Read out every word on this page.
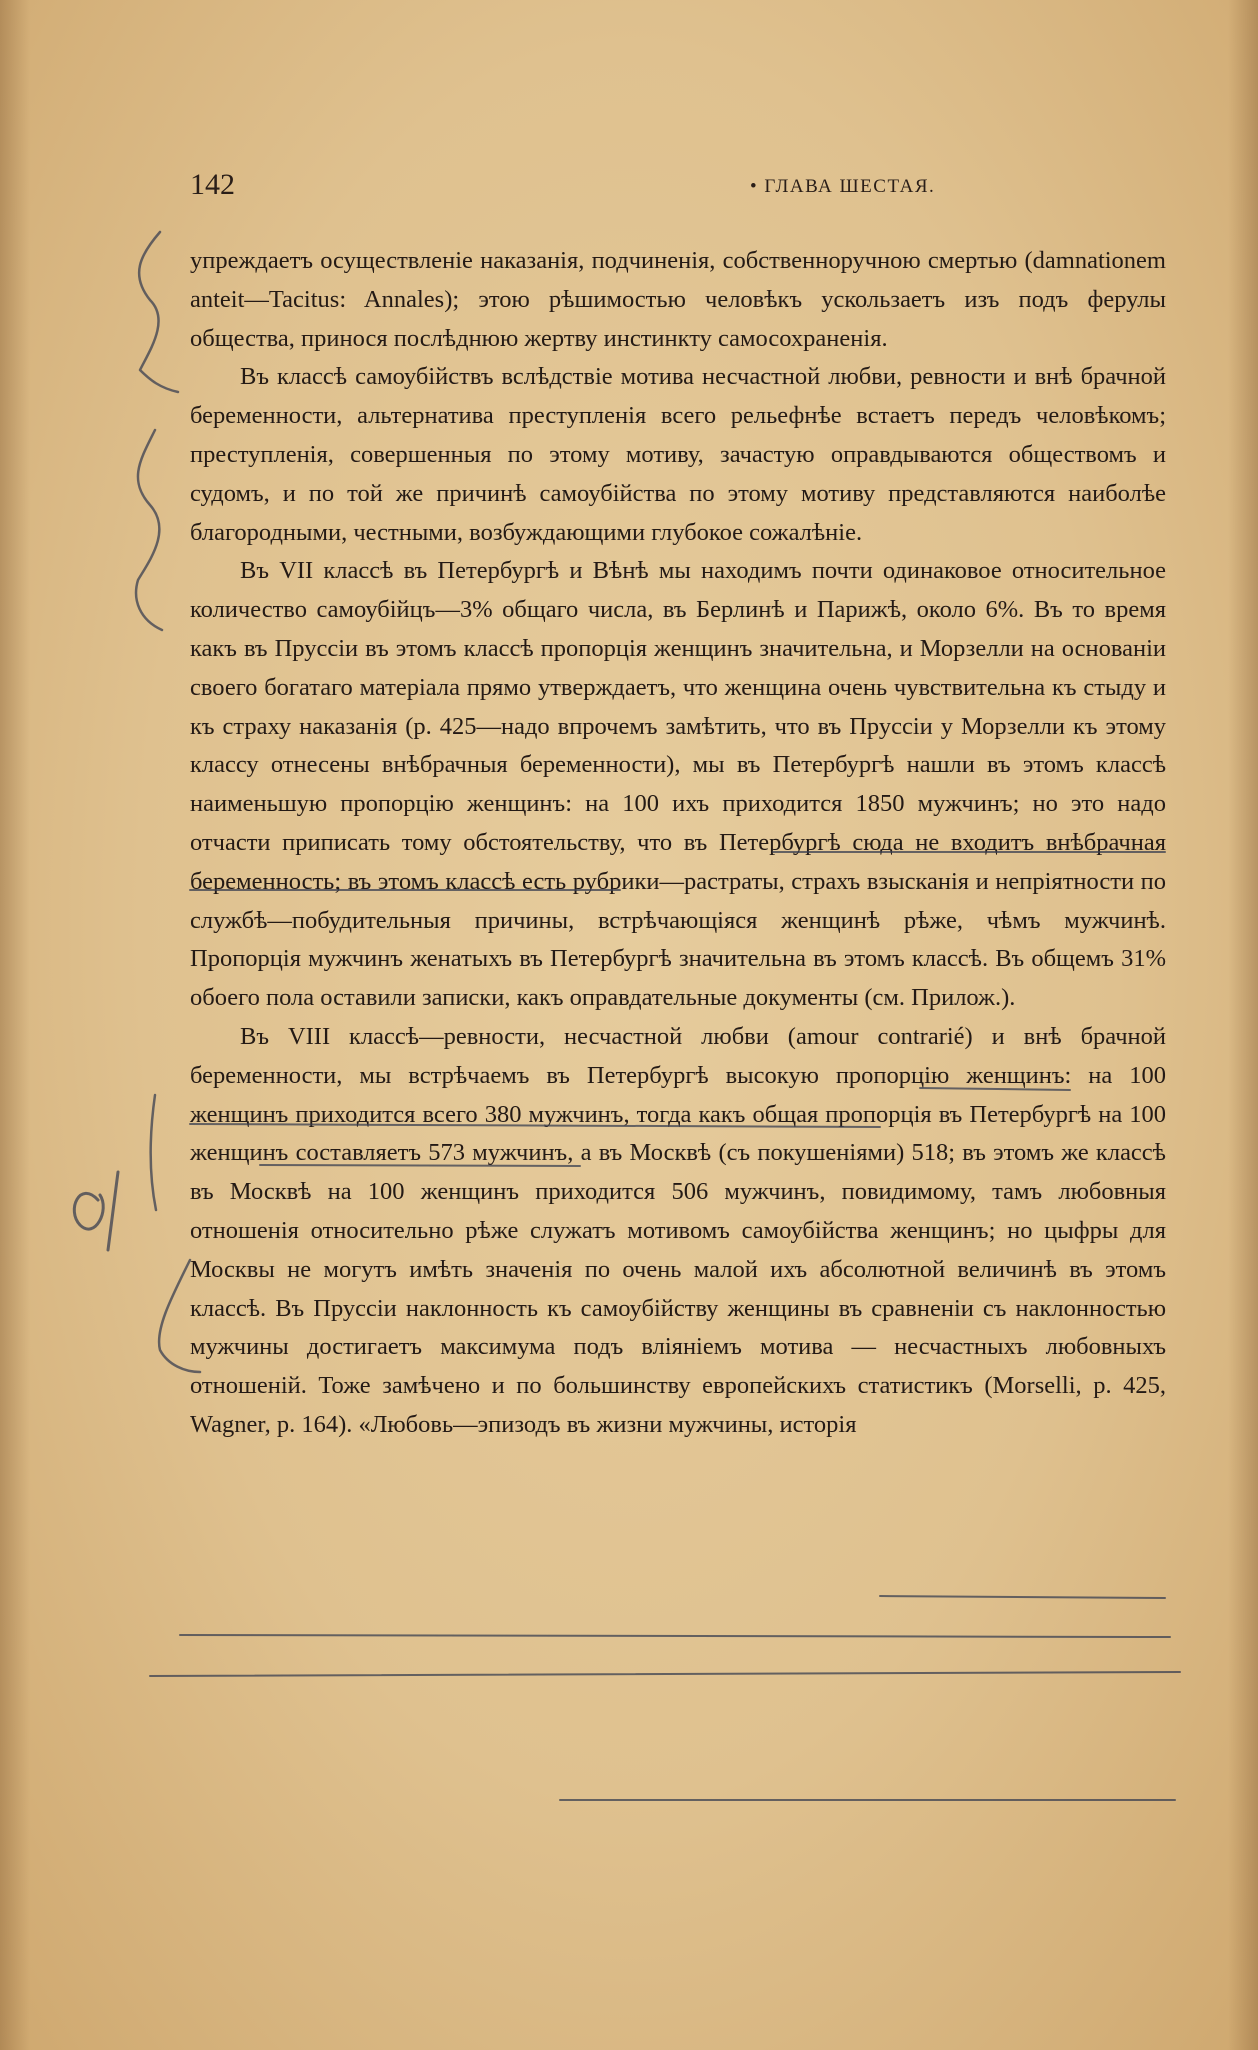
142	• ГЛАВА ШЕСТАЯ.

упреждаетъ осуществленіе наказанія, подчиненія, собственноручною смертью (damnationem anteit—Tacitus: Annales); этою рѣшимостью человѣкъ ускользаетъ изъ подъ ферулы общества, принося послѣднюю жертву инстинкту самосохраненія.

Въ классѣ самоубійствъ вслѣдствіе мотива несчастной любви, ревности и внѣ брачной беременности, альтернатива преступленія всего рельефнѣе встаетъ передъ человѣкомъ; преступленія, совершенныя по этому мотиву, зачастую оправдываются обществомъ и судомъ, и по той же причинѣ самоубійства по этому мотиву представляются наиболѣе благородными, честными, возбуждающими глубокое сожалѣніе.

Въ VII классѣ въ Петербургѣ и Вѣнѣ мы находимъ почти одинаковое относительное количество самоубійцъ—3% общаго числа, въ Берлинѣ и Парижѣ, около 6%. Въ то время какъ въ Пруссіи въ этомъ классѣ пропорція женщинъ значительна, и Морзелли на основаніи своего богатаго матеріала прямо утверждаетъ, что женщина очень чувствительна къ стыду и къ страху наказанія (р. 425—надо впрочемъ замѣтить, что въ Пруссіи у Морзелли къ этому классу отнесены внѣбрачныя беременности), мы въ Петербургѣ нашли въ этомъ классѣ наименьшую пропорцію женщинъ: на 100 ихъ приходится 1850 мужчинъ; но это надо отчасти приписать тому обстоятельству, что въ Петербургѣ сюда не входитъ внѣбрачная беременность; въ этомъ классѣ есть рубрики—растраты, страхъ взысканія и непріятности по службѣ—побудительныя причины, встрѣчающіяся женщинѣ рѣже, чѣмъ мужчинѣ. Пропорція мужчинъ женатыхъ въ Петербургѣ значительна въ этомъ классѣ. Въ общемъ 31% обоего пола оставили записки, какъ оправдательные документы (см. Прилож.).

Въ VIII классѣ—ревности, несчастной любви (amour contrarié) и внѣ брачной беременности, мы встрѣчаемъ въ Петербургѣ высокую пропорцію женщинъ: на 100 женщинъ приходится всего 380 мужчинъ, тогда какъ общая пропорція въ Петербургѣ на 100 женщинъ составляетъ 573 мужчинъ, а въ Москвѣ (съ покушеніями) 518; въ этомъ же классѣ въ Москвѣ на 100 женщинъ приходится 506 мужчинъ, повидимому, тамъ любовныя отношенія относительно рѣже служатъ мотивомъ самоубійства женщинъ; но цыфры для Москвы не могутъ имѣть значенія по очень малой ихъ абсолютной величинѣ въ этомъ классѣ. Въ Пруссіи наклонность къ самоубійству женщины въ сравненіи съ наклонностью мужчины достигаетъ максимума подъ вліяніемъ мотива — несчастныхъ любовныхъ отношеній. Тоже замѣчено и по большинству европейскихъ статистикъ (Morselli, p. 425, Wagner, p. 164). «Любовь—эпизодъ въ жизни мужчины, исторія
